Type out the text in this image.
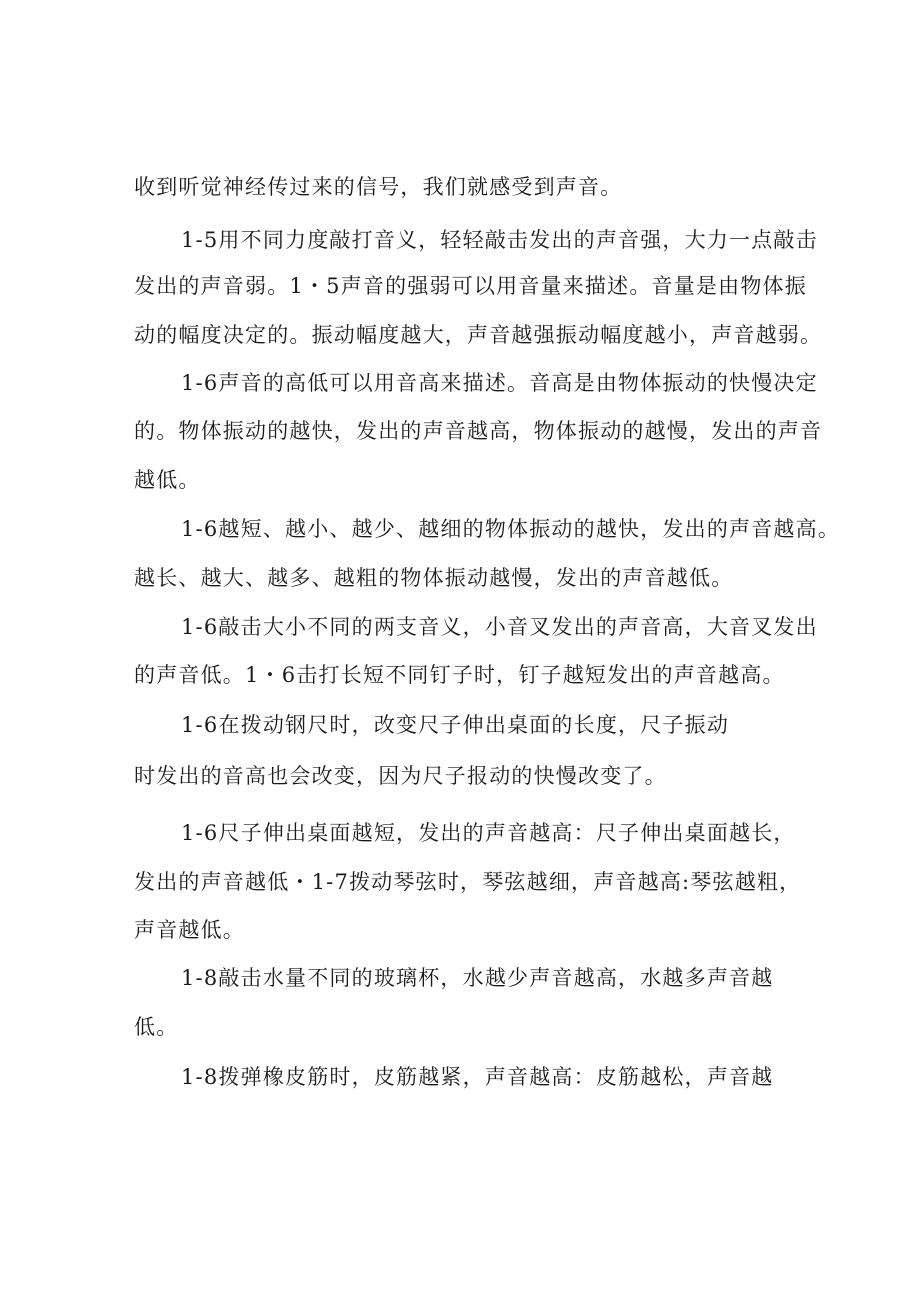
收到听觉神经传过来的信号，我们就感受到声音。
1-5用不同力度敲打音义，轻轻敲击发出的声音强，大力一点敲击
发出的声音弱。1・5声音的强弱可以用音量来描述。音量是由物体振
动的幅度决定的。振动幅度越大，声音越强振动幅度越小，声音越弱。
1-6声音的高低可以用音高来描述。音高是由物体振动的快慢决定
的。物体振动的越快，发出的声音越高，物体振动的越慢，发出的声音
越低。
1-6越短、越小、越少、越细的物体振动的越快，发出的声音越高。
越长、越大、越多、越粗的物体振动越慢，发出的声音越低。
1-6敲击大小不同的两支音义，小音叉发出的声音高，大音叉发出
的声音低。1・6击打长短不同钉子时，钉子越短发出的声音越高。
1-6在拨动钢尺时，改变尺子伸出桌面的长度，尺子振动
时发出的音高也会改变，因为尺子报动的快慢改变了。
1-6尺子伸出桌面越短，发出的声音越高：尺子伸出桌面越长，
发出的声音越低・1-7拨动琴弦时，琴弦越细，声音越高:琴弦越粗，
声音越低。
1-8敲击水量不同的玻璃杯，水越少声音越高，水越多声音越
低。
1-8拨弹橡皮筋时，皮筋越紧，声音越高：皮筋越松，声音越
